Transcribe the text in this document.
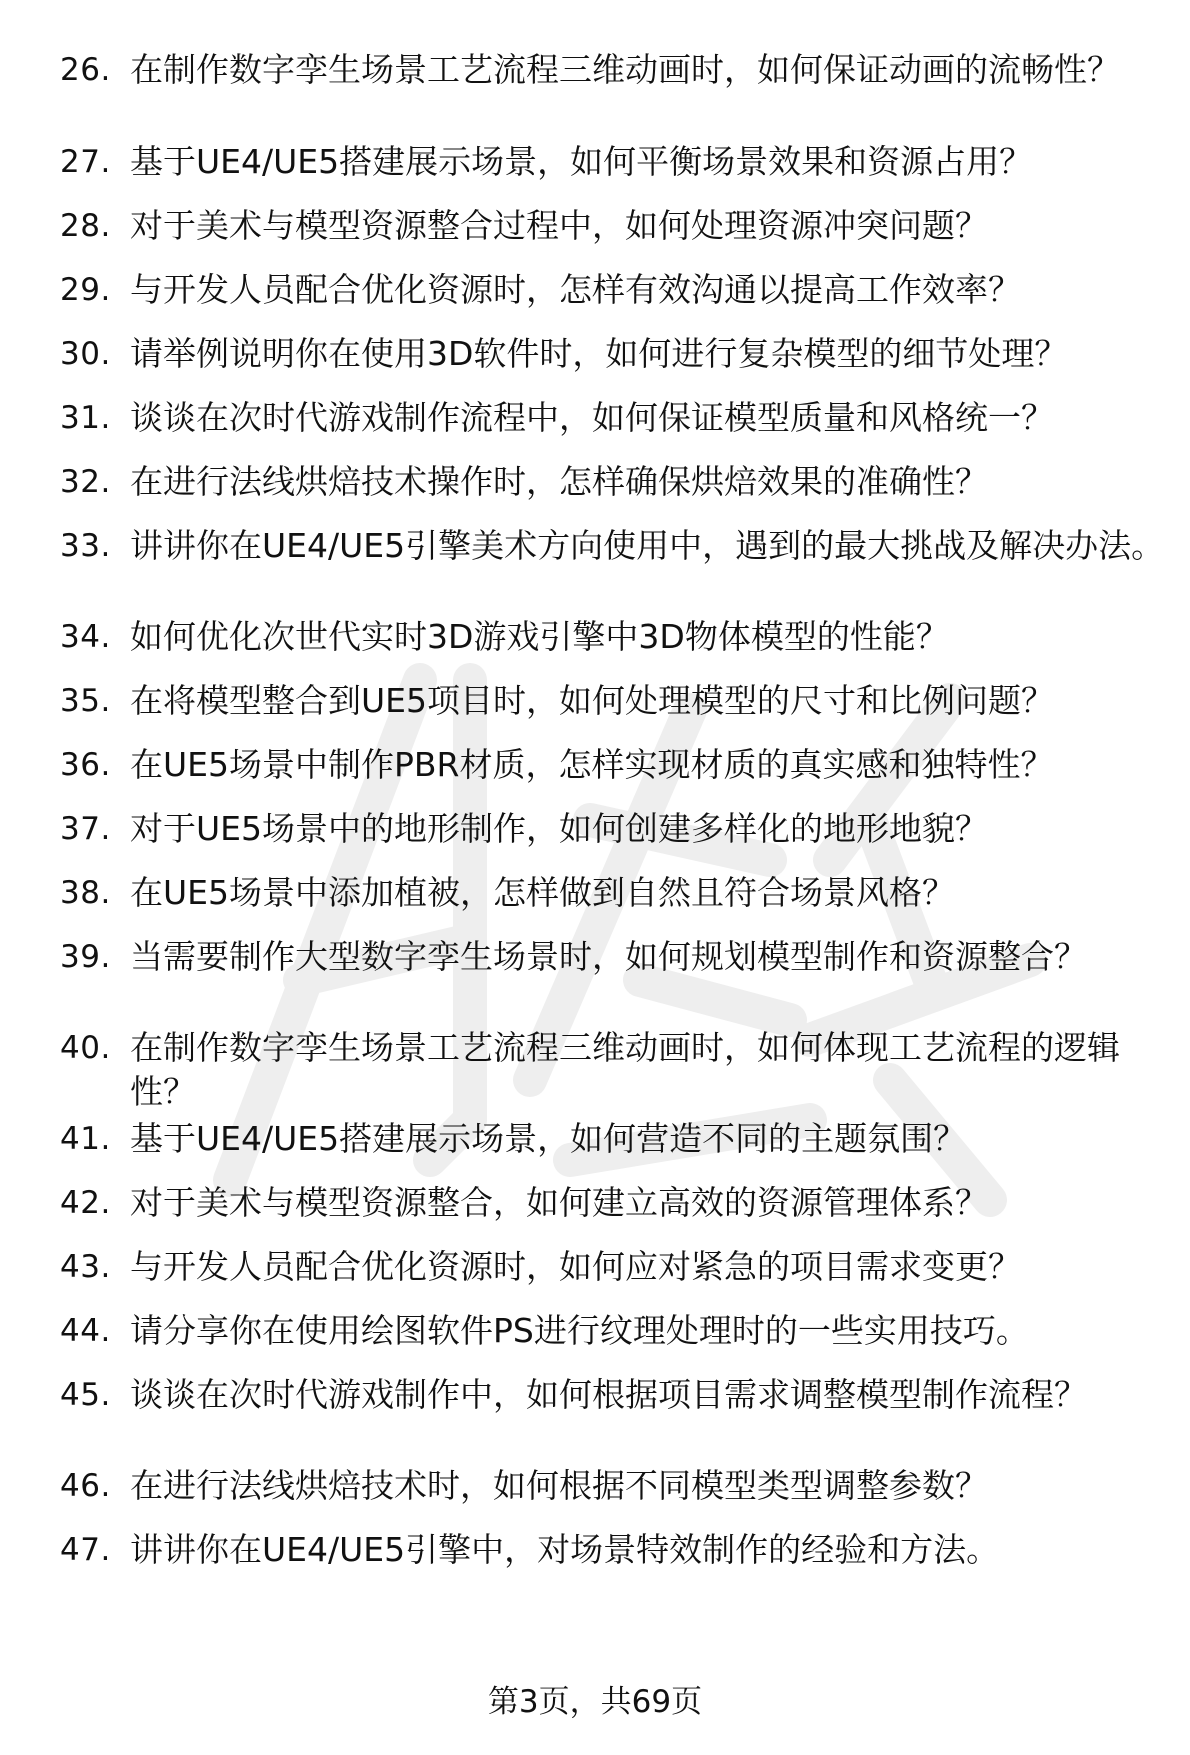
26. 在制作数字孪生场景工艺流程三维动画时，如何保证动画的流畅性？
27. 基于UE4/UE5搭建展示场景，如何平衡场景效果和资源占用？
28. 对于美术与模型资源整合过程中，如何处理资源冲突问题？
29. 与开发人员配合优化资源时，怎样有效沟通以提高工作效率？
30. 请举例说明你在使用3D软件时，如何进行复杂模型的细节处理？
31. 谈谈在次时代游戏制作流程中，如何保证模型质量和风格统一？
32. 在进行法线烘焙技术操作时，怎样确保烘焙效果的准确性？
33. 讲讲你在UE4/UE5引擎美术方向使用中，遇到的最大挑战及解决办法。
34. 如何优化次世代实时3D游戏引擎中3D物体模型的性能？
35. 在将模型整合到UE5项目时，如何处理模型的尺寸和比例问题？
36. 在UE5场景中制作PBR材质，怎样实现材质的真实感和独特性？
37. 对于UE5场景中的地形制作，如何创建多样化的地形地貌？
38. 在UE5场景中添加植被，怎样做到自然且符合场景风格？
39. 当需要制作大型数字孪生场景时，如何规划模型制作和资源整合？
40. 在制作数字孪生场景工艺流程三维动画时，如何体现工艺流程的逻辑性？
41. 基于UE4/UE5搭建展示场景，如何营造不同的主题氛围？
42. 对于美术与模型资源整合，如何建立高效的资源管理体系？
43. 与开发人员配合优化资源时，如何应对紧急的项目需求变更？
44. 请分享你在使用绘图软件PS进行纹理处理时的一些实用技巧。
45. 谈谈在次时代游戏制作中，如何根据项目需求调整模型制作流程？
46. 在进行法线烘焙技术时，如何根据不同模型类型调整参数？
47. 讲讲你在UE4/UE5引擎中，对场景特效制作的经验和方法。
第3页，共69页
